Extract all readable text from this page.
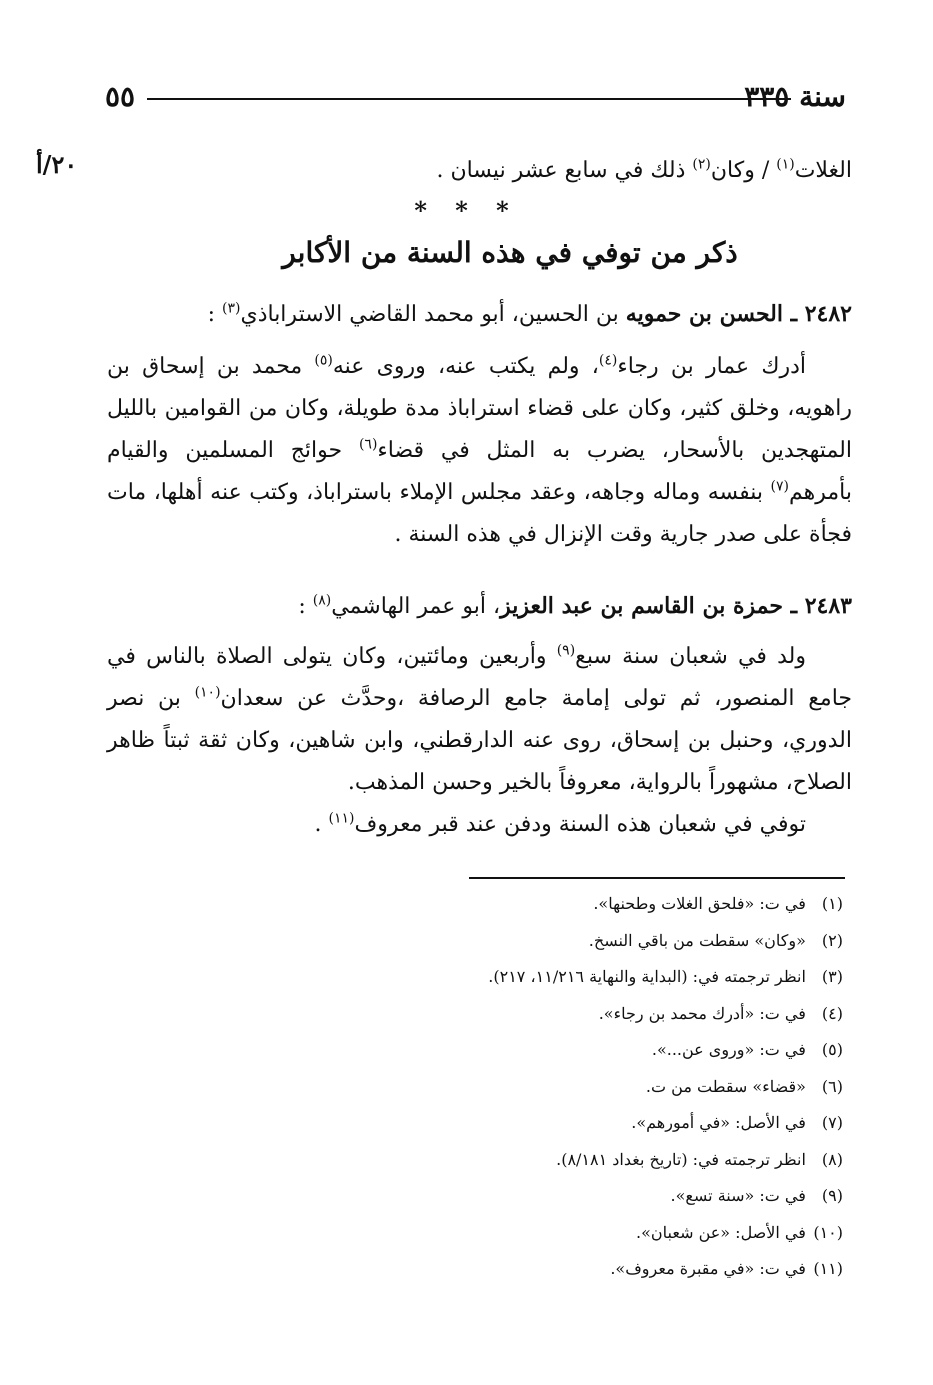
٥٥	سنة ٣٣٥
٢٠/أ	الغلات$^{(١)}$ / وكان$^{(٢)}$ ذلك في سابع عشر نيسان .
* * *
ذكر من توفي في هذه السنة من الأكابر
٢٤٨٢ ـ الحسن بن حمويه بن الحسين، أبو محمد القاضي الاستراباذي$^{(٣)}$ :

أدرك عمار بن رجاء$^{(٤)}$، ولم يكتب عنه، وروى عنه$^{(٥)}$ محمد بن إسحاق بن راهويه، وخلق كثير، وكان على قضاء استراباذ مدة طويلة، وكان من القوامين بالليل المتهجدين بالأسحار، يضرب به المثل في قضاء$^{(٦)}$ حوائج المسلمين والقيام بأمرهم$^{(٧)}$ بنفسه وماله وجاهه، وعقد مجلس الإملاء باستراباذ، وكتب عنه أهلها، مات فجأة على صدر جارية وقت الإنزال في هذه السنة .

٢٤٨٣ ـ حمزة بن القاسم بن عبد العزيز، أبو عمر الهاشمي$^{(٨)}$ :

ولد في شعبان سنة سبع$^{(٩)}$ وأربعين ومائتين، وكان يتولى الصلاة بالناس في جامع المنصور، ثم تولى إمامة جامع الرصافة ،وحدَّث عن سعدان$^{(١٠)}$ بن نصر الدوري، وحنبل بن إسحاق، روى عنه الدارقطني، وابن شاهين، وكان ثقة ثبتاً ظاهر الصلاح، مشهوراً بالرواية، معروفاً بالخير وحسن المذهب.

توفي في شعبان هذه السنة ودفن عند قبر معروف$^{(١١)}$ .

(١) في ت: «فلحق الغلات وطحنها».
(٢) «وكان» سقطت من باقي النسخ.
(٣) انظر ترجمته في: (البداية والنهاية ١١/٢١٦، ٢١٧).
(٤) في ت: «أدرك محمد بن رجاء».
(٥) في ت: «وروى عن...».
(٦) «قضاء» سقطت من ت.
(٧) في الأصل: «في أمورهم».
(٨) انظر ترجمته في: (تاريخ بغداد ٨/١٨١).
(٩) في ت: «سنة تسع».
(١٠) في الأصل: «عن شعبان».
(١١) في ت: «في مقبرة معروف».
